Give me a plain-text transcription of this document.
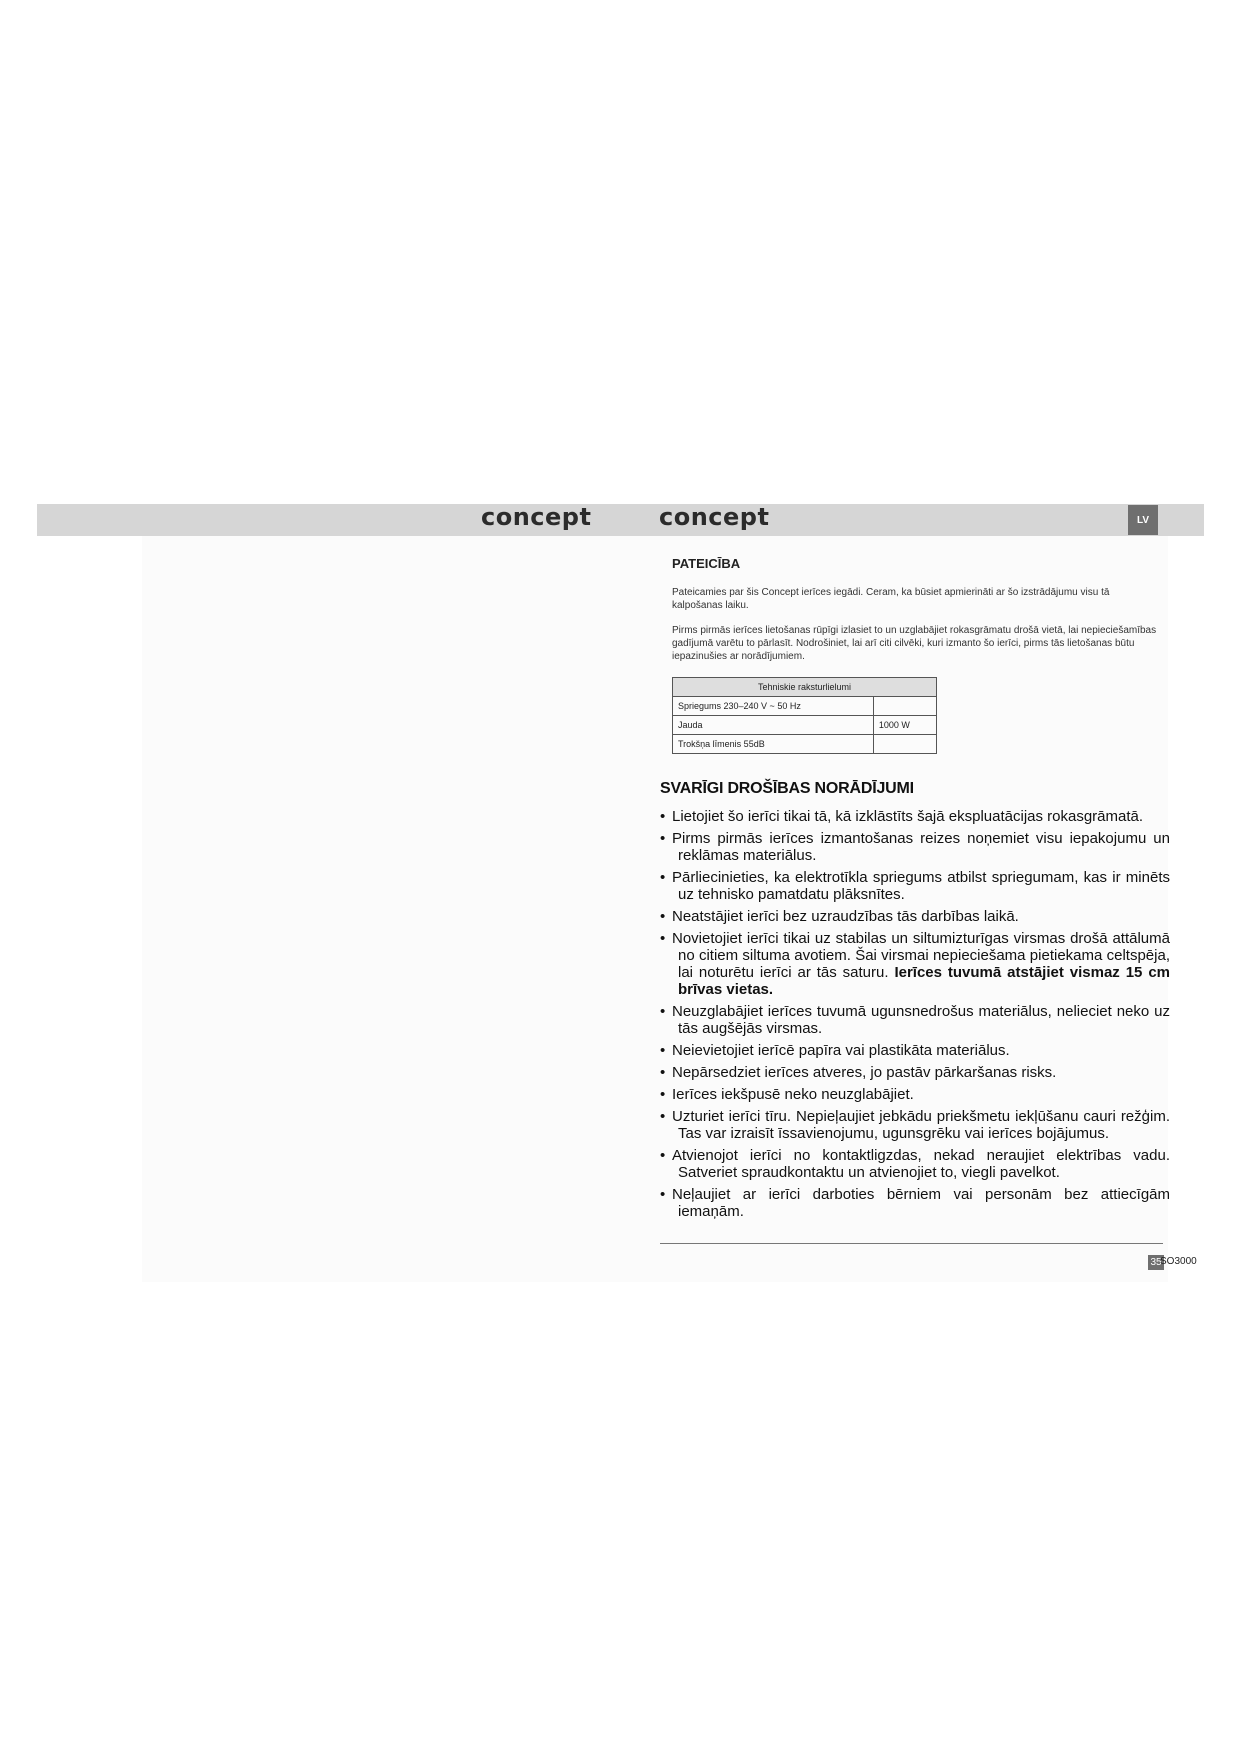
concept	concept	LV
PATEICĪBA
Pateicamies par šis Concept ierīces iegādi. Ceram, ka būsiet apmierināti ar šo izstrādājumu visu tā kalpošanas laiku.
Pirms pirmās ierīces lietošanas rūpīgi izlasiet to un uzglabājiet rokasgrāmatu drošā vietā, lai nepieciešamības gadījumā varētu to pārlasīt. Nodrošiniet, lai arī citi cilvēki, kuri izmanto šo ierīci, pirms tās lietošanas būtu iepazinušies ar norādījumiem.
Tehniskie raksturlielumi	
Spriegums 230–240 V ~ 50 Hz	
Jauda	1000 W
Trokšņa līmenis 55dB	
SVARĪGI DROŠĪBAS NORĀDĪJUMI
• Lietojiet šo ierīci tikai tā, kā izklāstīts šajā ekspluatācijas rokasgrāmatā.
• Pirms pirmās ierīces izmantošanas reizes noņemiet visu iepakojumu un reklāmas materiālus.
• Pārliecinieties, ka elektrotīkla spriegums atbilst spriegumam, kas ir minēts uz tehnisko pamatdatu plāksnītes.
• Neatstājiet ierīci bez uzraudzības tās darbības laikā.
• Novietojiet ierīci tikai uz stabilas un siltumizturīgas virsmas drošā attālumā no citiem siltuma avotiem. Šai virsmai nepieciešama pietiekama celtspēja, lai noturētu ierīci ar tās saturu. Ierīces tuvumā atstājiet vismaz 15 cm brīvas vietas.
• Neuzglabājiet ierīces tuvumā ugunsnedrošus materiālus, nelieciet neko uz tās augšējās virsmas.
• Neievietojiet ierīcē papīra vai plastikāta materiālus.
• Nepārsedziet ierīces atveres, jo pastāv pārkaršanas risks.
• Ierīces iekšpusē neko neuzglabājiet.
• Uzturiet ierīci tīru. Nepieļaujiet jebkādu priekšmetu iekļūšanu cauri režģim. Tas var izraisīt īssavienojumu, ugunsgrēku vai ierīces bojājumus.
• Atvienojot ierīci no kontaktligzdas, nekad neraujiet elektrības vadu. Satveriet spraudkontaktu un atvienojiet to, viegli pavelkot.
• Neļaujiet ar ierīci darboties bērniem vai personām bez attiecīgām iemaņām.
35
SO3000
